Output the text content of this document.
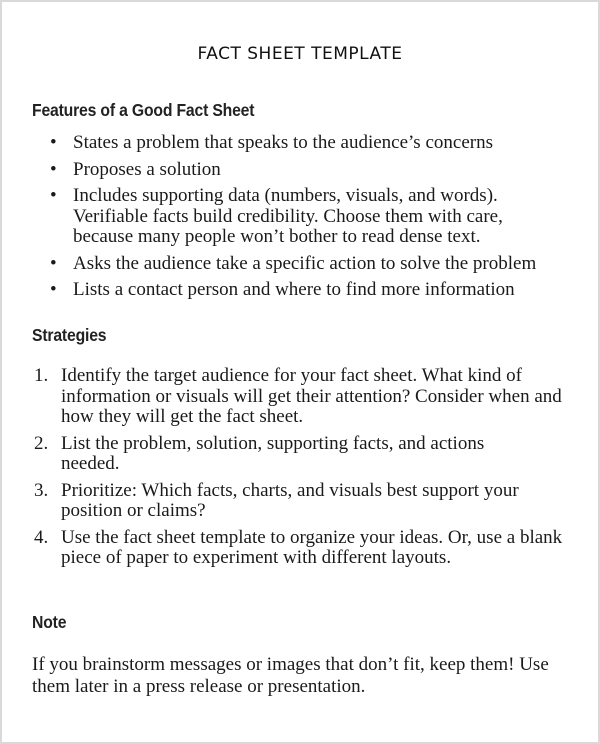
FACT SHEET TEMPLATE
Features of a Good Fact Sheet
• States a problem that speaks to the audience’s concerns
• Proposes a solution
• Includes supporting data (numbers, visuals, and words). Verifiable facts build credibility. Choose them with care, because many people won’t bother to read dense text.
• Asks the audience take a specific action to solve the problem
• Lists a contact person and where to find more information
Strategies
1. Identify the target audience for your fact sheet. What kind of information or visuals will get their attention? Consider when and how they will get the fact sheet.
2. List the problem, solution, supporting facts, and actions needed.
3. Prioritize: Which facts, charts, and visuals best support your position or claims?
4. Use the fact sheet template to organize your ideas. Or, use a blank piece of paper to experiment with different layouts.
Note
If you brainstorm messages or images that don’t fit, keep them! Use them later in a press release or presentation.
